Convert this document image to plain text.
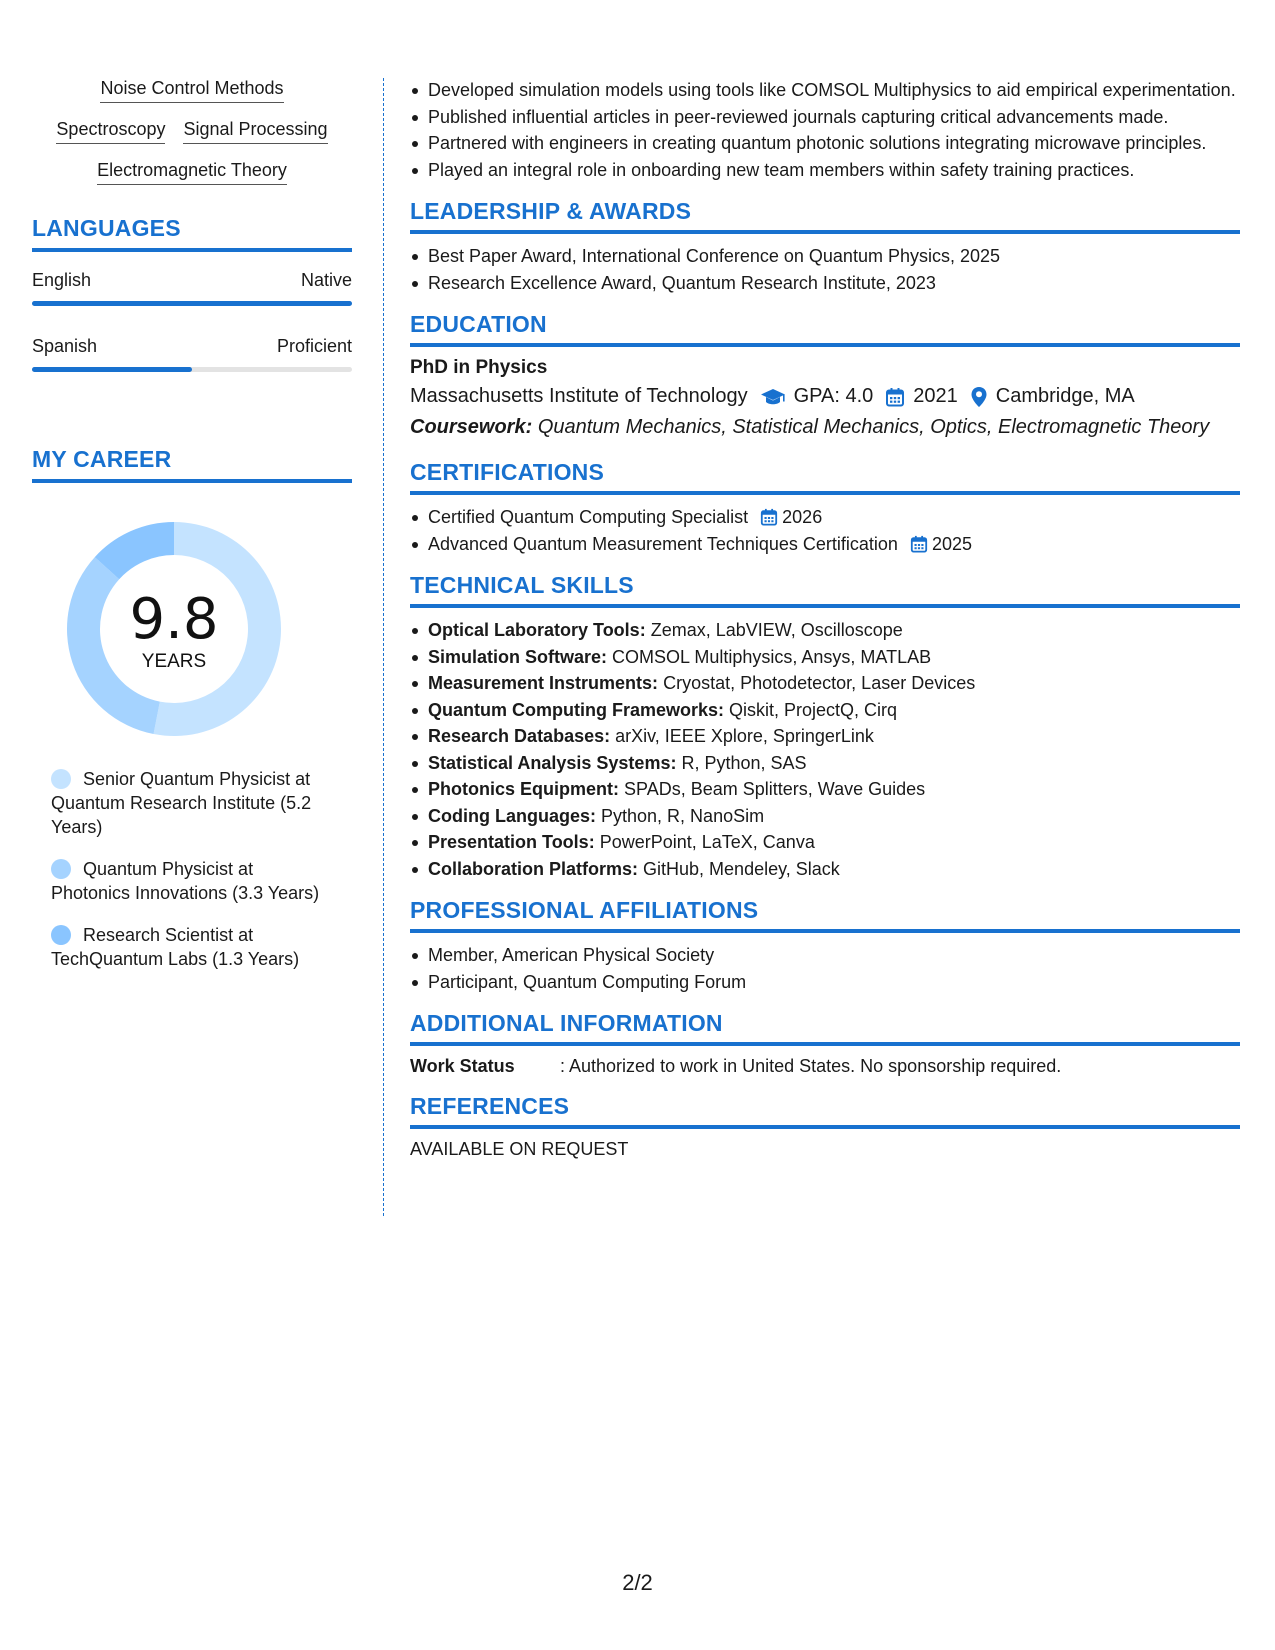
Noise Control Methods
Spectroscopy Signal Processing
Electromagnetic Theory
LANGUAGES
English	Native
Spanish	Proficient
MY CAREER
9.8
YEARS
Senior Quantum Physicist at Quantum Research Institute (5.2 Years)
Quantum Physicist at Photonics Innovations (3.3 Years)
Research Scientist at TechQuantum Labs (1.3 Years)
Developed simulation models using tools like COMSOL Multiphysics to aid empirical experimentation.
Published influential articles in peer-reviewed journals capturing critical advancements made.
Partnered with engineers in creating quantum photonic solutions integrating microwave principles.
Played an integral role in onboarding new team members within safety training practices.
LEADERSHIP & AWARDS
Best Paper Award, International Conference on Quantum Physics, 2025
Research Excellence Award, Quantum Research Institute, 2023
EDUCATION
PhD in Physics
Massachusetts Institute of Technology GPA: 4.0 2021 Cambridge, MA
Coursework: Quantum Mechanics, Statistical Mechanics, Optics, Electromagnetic Theory
CERTIFICATIONS
Certified Quantum Computing Specialist 2026
Advanced Quantum Measurement Techniques Certification 2025
TECHNICAL SKILLS
Optical Laboratory Tools: Zemax, LabVIEW, Oscilloscope
Simulation Software: COMSOL Multiphysics, Ansys, MATLAB
Measurement Instruments: Cryostat, Photodetector, Laser Devices
Quantum Computing Frameworks: Qiskit, ProjectQ, Cirq
Research Databases: arXiv, IEEE Xplore, SpringerLink
Statistical Analysis Systems: R, Python, SAS
Photonics Equipment: SPADs, Beam Splitters, Wave Guides
Coding Languages: Python, R, NanoSim
Presentation Tools: PowerPoint, LaTeX, Canva
Collaboration Platforms: GitHub, Mendeley, Slack
PROFESSIONAL AFFILIATIONS
Member, American Physical Society
Participant, Quantum Computing Forum
ADDITIONAL INFORMATION
Work Status	: Authorized to work in United States. No sponsorship required.
REFERENCES
AVAILABLE ON REQUEST
2/2
